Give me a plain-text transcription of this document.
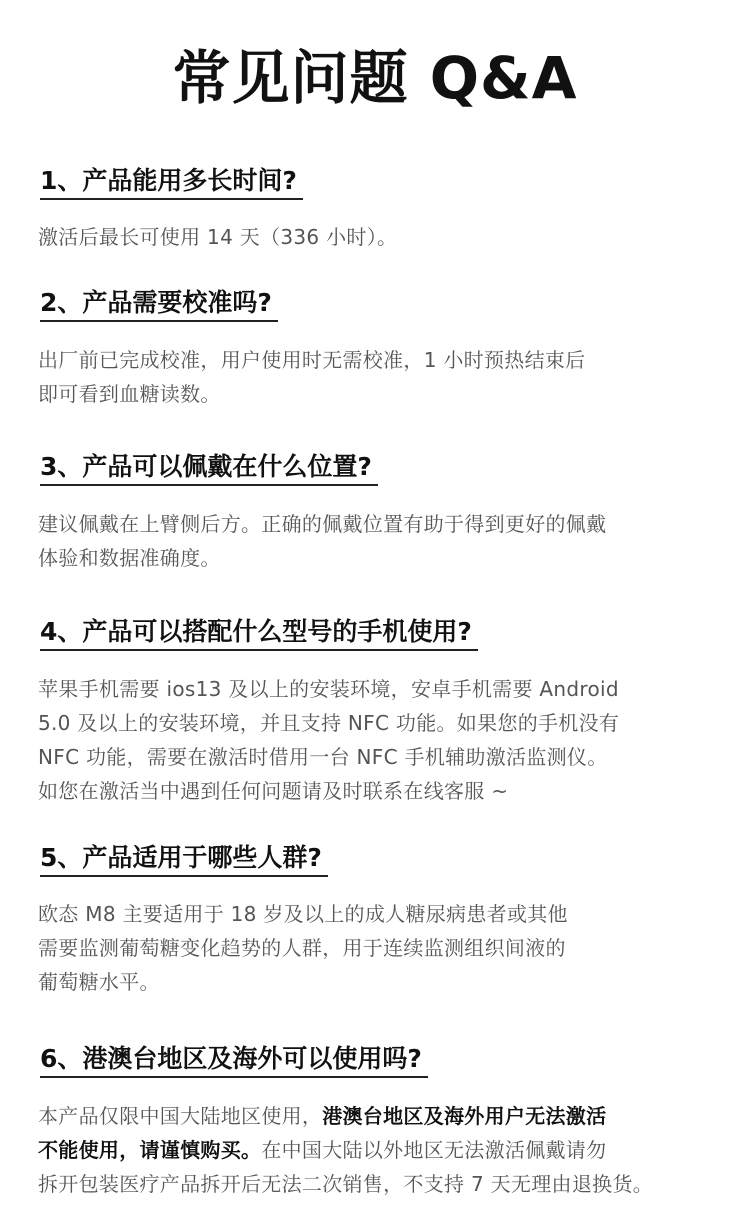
常见问题 Q&A
1、产品能用多长时间?
激活后最长可使用 14 天（336 小时）。
2、产品需要校准吗?
出厂前已完成校准，用户使用时无需校准，1 小时预热结束后
即可看到血糖读数。
3、产品可以佩戴在什么位置?
建议佩戴在上臂侧后方。正确的佩戴位置有助于得到更好的佩戴
体验和数据准确度。
4、产品可以搭配什么型号的手机使用?
苹果手机需要 ios13 及以上的安装环境，安卓手机需要 Android
5.0 及以上的安装环境，并且支持 NFC 功能。如果您的手机没有
NFC 功能，需要在激活时借用一台 NFC 手机辅助激活监测仪。
如您在激活当中遇到任何问题请及时联系在线客服 ~
5、产品适用于哪些人群?
欧态 M8 主要适用于 18 岁及以上的成人糖尿病患者或其他
需要监测葡萄糖变化趋势的人群，用于连续监测组织间液的
葡萄糖水平。
6、港澳台地区及海外可以使用吗?
本产品仅限中国大陆地区使用，港澳台地区及海外用户无法激活
不能使用，请谨慎购买。在中国大陆以外地区无法激活佩戴请勿
拆开包装医疗产品拆开后无法二次销售，不支持 7 天无理由退换货。
